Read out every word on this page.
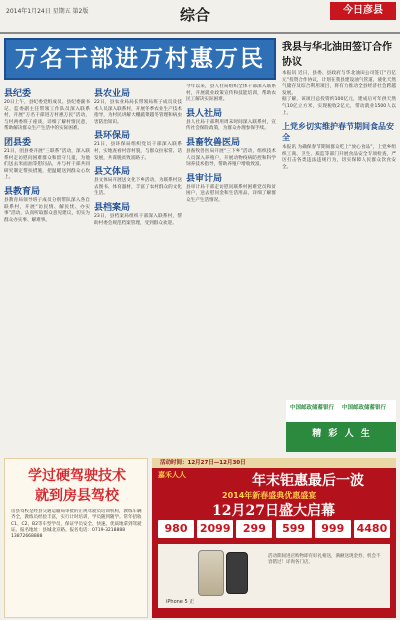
2014年1月24日 星期五 第2版	综合	今日彦县
万名干部进万村惠万民
县纪委
20日上午，县纪委党组成员、县纪委副书记、监委副主任带领工作队员深入联系村，开展“万名干部进万村惠万民”活动，与村两委班子座谈，详细了解村情民意，帮助解决群众生产生活中的实际困难。
团县委
21日，团县委开展“三联系”活动，深入联系村走访慰问困难群众和留守儿童，为他们送去米面油等慰问品，并与村干部共同研究制定帮扶措施，把温暖送到群众心坎上。
县教育局
县教育局领导班子成员分别带队深入各自联系村，开展“访民情、解民忧、办实事”活动，认真听取群众意见建议，切实为群众办实事、解难事。
县农业局
22日，县农业局局长带领局班子成员及技术人员深入联系村，开展冬季农业生产技术指导，为村民讲解大棚蔬菜越冬管理和病虫害防治知识。
县环保局
21日，县环保局组织党员干部深入联系村，实地查看村容村貌，与群众拉家常、话发展，共谋脱贫致富路子。
县文体局
县文体局开展送文化下乡活动，为联系村送去图书、体育器材，丰富了农村群众的文化生活。
县档案局
23日，县档案局组织干部深入联系村，帮助村委会规范档案管理，受到群众欢迎。
今年以来，县人社局组织全体干部深入联系村，开展就业政策宣传和技能培训，帮助农民工解决实际困难。
县人社局
县人社局干部利用周末时间深入联系村，宣传社会保险政策，为群众办理参保手续。
县畜牧兽医局
县畜牧兽医局开展“三下乡”活动，组织技术人员深入养殖户，开展动物疫病防控和科学饲养技术指导，帮助养殖户增收致富。
县审计局
县审计局干部走访慰问联系村困难党员和贫困户，送去慰问金和生活用品，详细了解群众生产生活情况。
我县与华北油田签订合作协议
本报讯 近日，县委、县政府与华北油田公司签订“百亿元”投资合作协议，计划在我县建设油气管道、液化天然气储存及综合利用项目，将有力推动全县经济社会跨越发展。
据了解，该项目总投资约100亿元，建成后可年供天然气10亿立方米，实现税收2亿元，带动就业1500人以上。
上党乡切实维护春节期间食品安全
本报讯 为确保春节期间群众吃上“放心食品”，上党乡组织工商、卫生、质监等部门开展食品安全专项检查，严厉打击各类违法违规行为，切实保障人民群众饮食安全。
中国邮政储蓄银行 中国邮政储蓄银行
精 彩 人 生
学过硬驾驶技术
就到房县驾校
房县驾校是经县交通运输局审批的正规驾驶员培训机构，教练车辆齐全，教练员经验丰富，实行计时培训，学员随到随学。常年招收C1、C2、B2等车型学员，保证学员安全、快速、优质地拿到驾驶证。报名地址：县城北京路。报名电话：0719-3218888 13872668888
活动时间：12月27日—12月30日
嘉禾人人	年末钜惠最后一波
2014年新春盛典优惠盛宴
12月27日盛大启幕
980	2099	299	599	999	4480
iPhone 5 正
活动期间进店购物即有好礼相送，满额送现金券，机会不容错过！详询各门店。
